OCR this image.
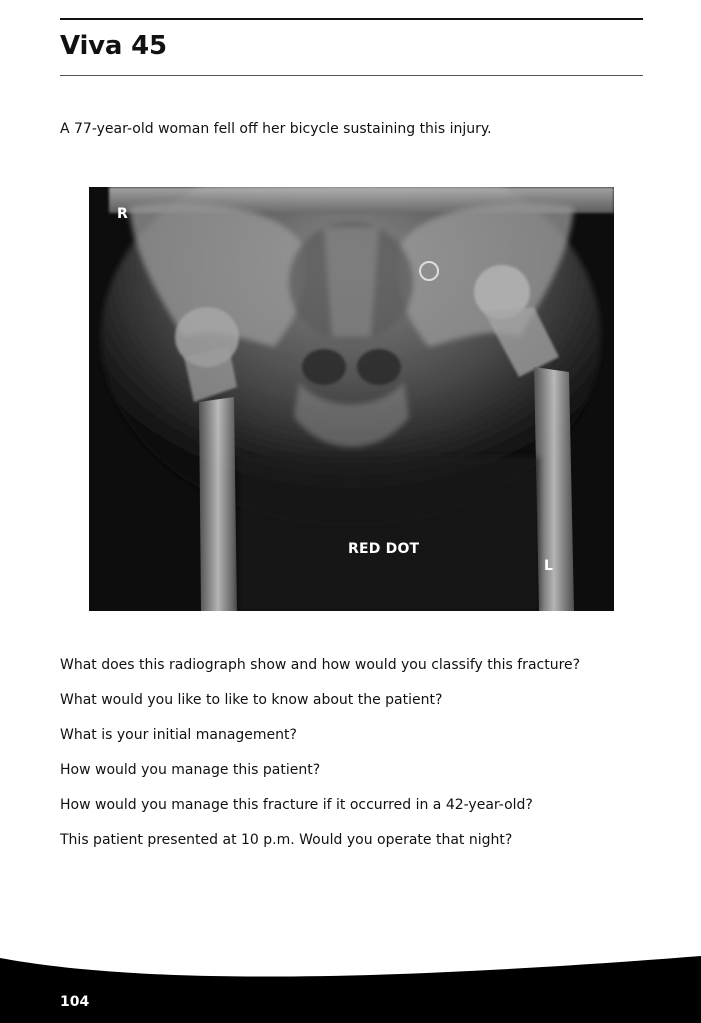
Viva 45

A 77-year-old woman fell off her bicycle sustaining this injury.

R
RED DOT
L
What does this radiograph show and how would you classify this fracture?
What would you like to like to know about the patient?
What is your initial management?
How would you manage this patient?
How would you manage this fracture if it occurred in a 42-year-old?
This patient presented at 10 p.m. Would you operate that night?
104
